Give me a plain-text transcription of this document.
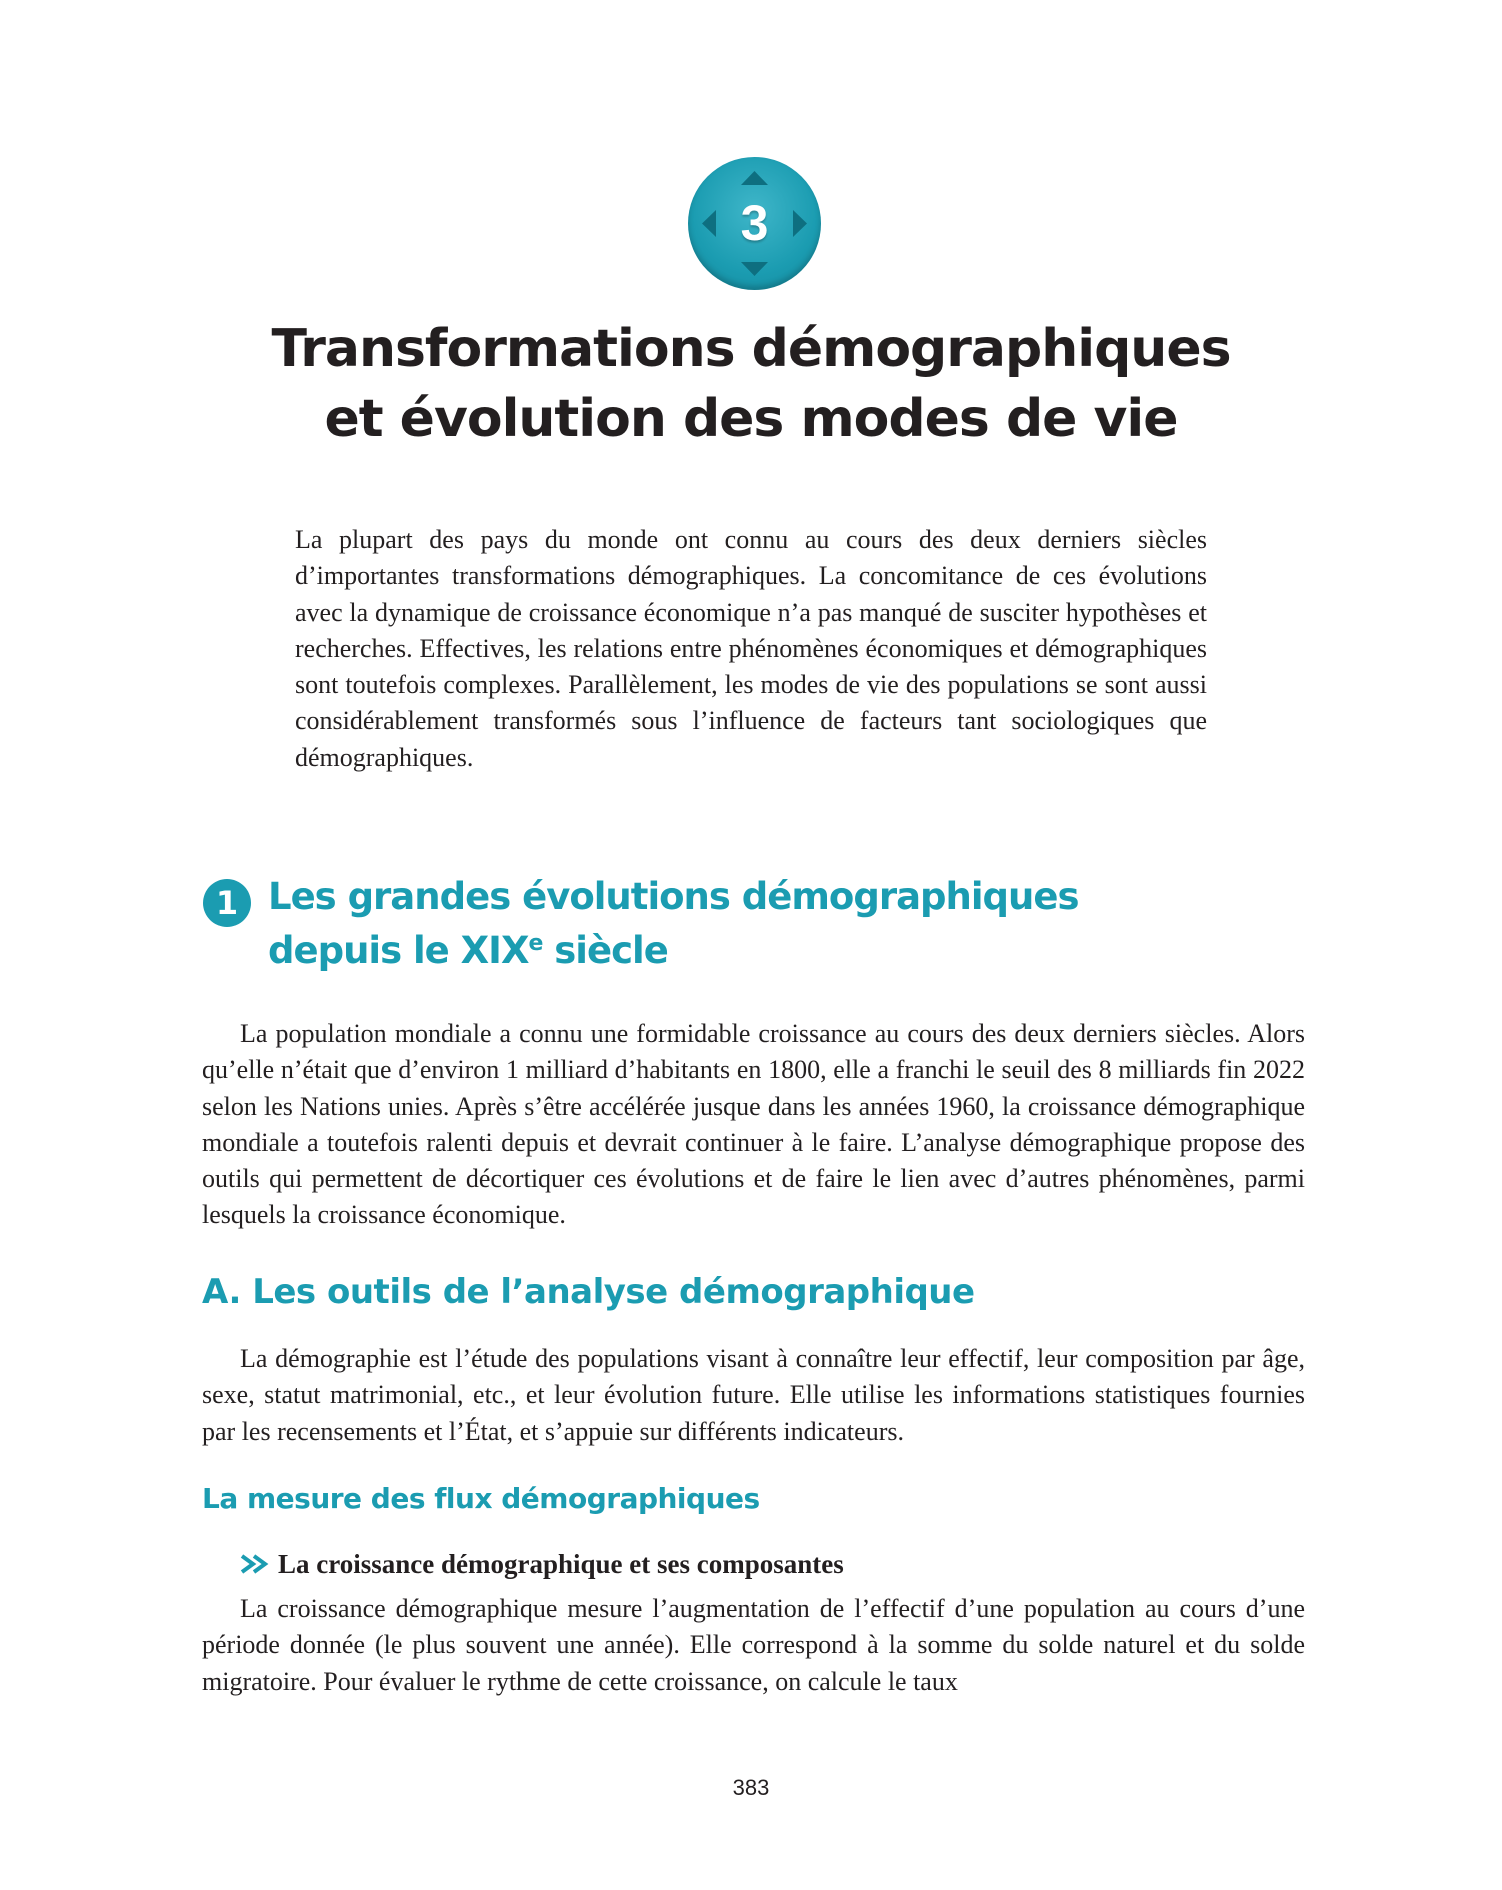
3
Transformations démographiques
et évolution des modes de vie
La plupart des pays du monde ont connu au cours des deux derniers siècles d’importantes transformations démographiques. La concomitance de ces évolutions avec la dynamique de croissance économique n’a pas manqué de susciter hypothèses et recherches. Effectives, les relations entre phénomènes économiques et démographiques sont toutefois complexes. Parallèlement, les modes de vie des populations se sont aussi considérablement transformés sous l’influence de facteurs tant sociologiques que démographiques.
1 Les grandes évolutions démographiques
depuis le XIXe siècle
La population mondiale a connu une formidable croissance au cours des deux derniers siècles. Alors qu’elle n’était que d’environ 1 milliard d’habitants en 1800, elle a franchi le seuil des 8 milliards fin 2022 selon les Nations unies. Après s’être accélérée jusque dans les années 1960, la croissance démographique mondiale a toutefois ralenti depuis et devrait continuer à le faire. L’analyse démographique propose des outils qui permettent de décortiquer ces évolutions et de faire le lien avec d’autres phénomènes, parmi lesquels la croissance économique.
A. Les outils de l’analyse démographique
La démographie est l’étude des populations visant à connaître leur effectif, leur composition par âge, sexe, statut matrimonial, etc., et leur évolution future. Elle utilise les informations statistiques fournies par les recensements et l’État, et s’appuie sur différents indicateurs.
La mesure des flux démographiques
La croissance démographique et ses composantes
La croissance démographique mesure l’augmentation de l’effectif d’une population au cours d’une période donnée (le plus souvent une année). Elle correspond à la somme du solde naturel et du solde migratoire. Pour évaluer le rythme de cette croissance, on calcule le taux
383
